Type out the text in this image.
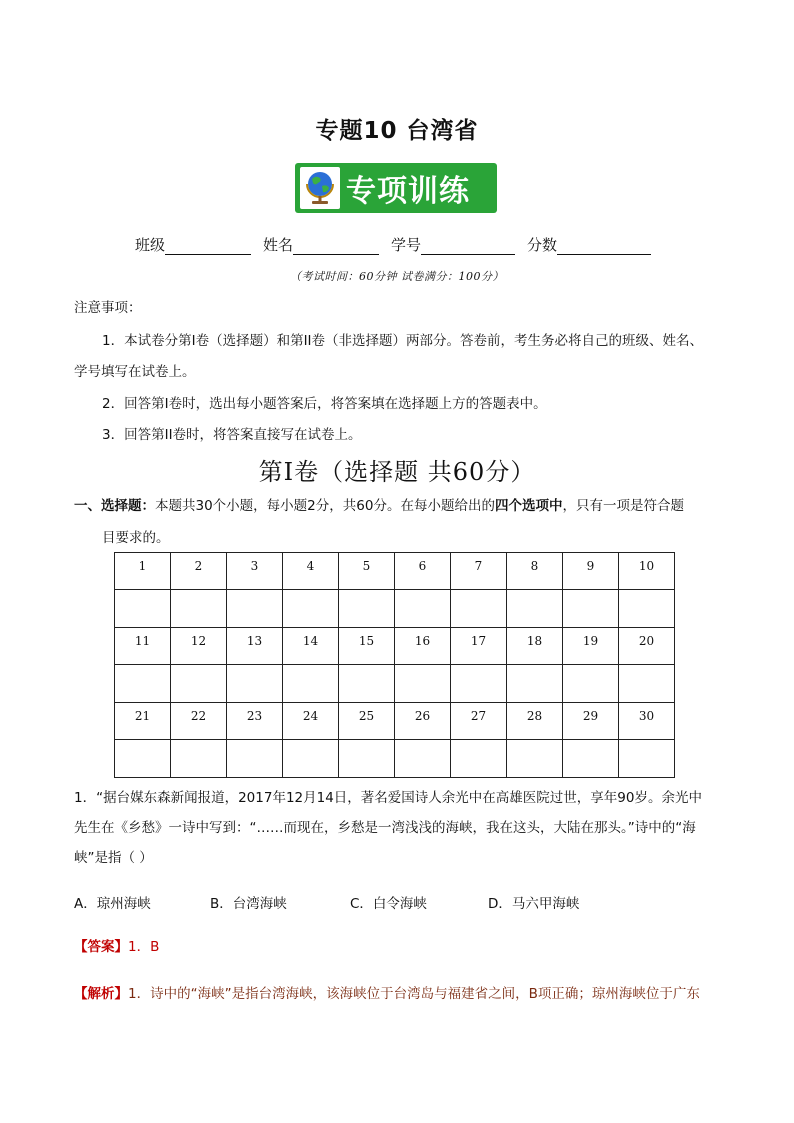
专题10 台湾省
专项训练
班级	姓名	学号	分数
（考试时间：60分钟 试卷满分：100分）
注意事项：
1．本试卷分第I卷（选择题）和第II卷（非选择题）两部分。答卷前，考生务必将自己的班级、姓名、
学号填写在试卷上。
2．回答第I卷时，选出每小题答案后，将答案填在选择题上方的答题表中。
3．回答第II卷时，将答案直接写在试卷上。
第I卷（选择题 共60分）
一、选择题：本题共30个小题，每小题2分，共60分。在每小题给出的四个选项中，只有一项是符合题
目要求的。
1	2	3	4	5	6	7	8	9	10

11	12	13	14	15	16	17	18	19	20

21	22	23	24	25	26	27	28	29	30

1．“据台媒东森新闻报道，2017年12月14日，著名爱国诗人余光中在高雄医院过世，享年90岁。余光中
先生在《乡愁》一诗中写到：“……而现在，乡愁是一湾浅浅的海峡，我在这头，大陆在那头。”诗中的“海
峡”是指（ ）
A．琼州海峡	B．台湾海峡	C．白令海峡	D．马六甲海峡
【答案】1．B
【解析】1．诗中的“海峡”是指台湾海峡，该海峡位于台湾岛与福建省之间，B项正确；琼州海峡位于广东
